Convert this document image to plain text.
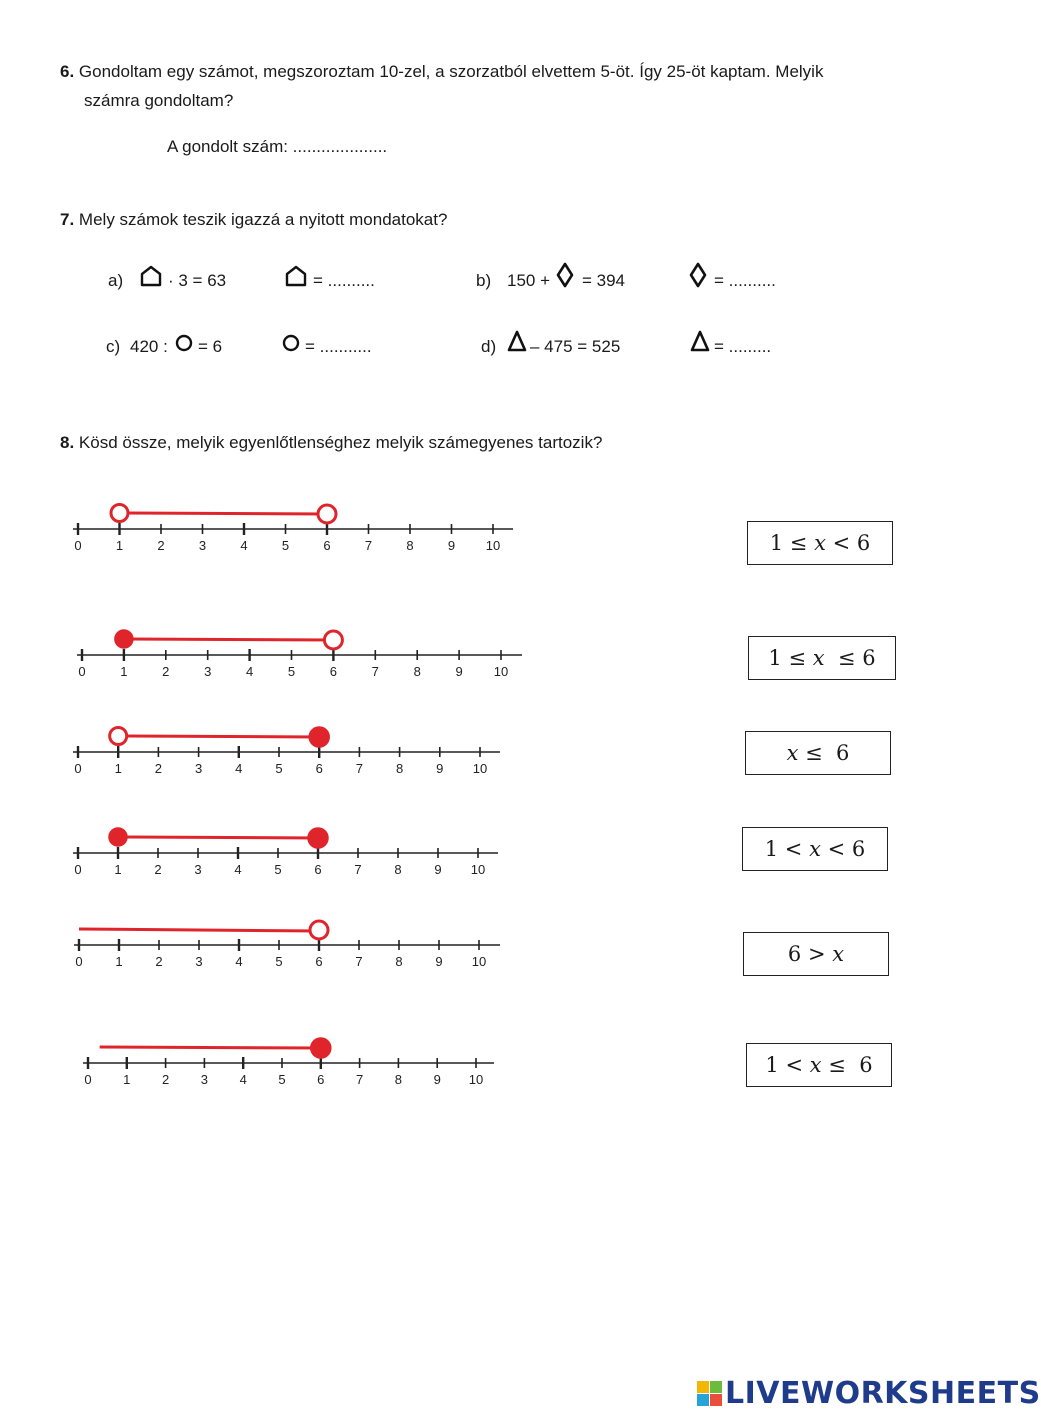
6. Gondoltam egy számot, megszoroztam 10-zel, a szorzatból elvettem 5-öt. Így 25-öt kaptam. Melyik
számra gondoltam?
A gondolt szám: ....................
7. Mely számok teszik igazzá a nyitott mondatokat?
a)	· 3 = 63	= ..........	b) 150 + = 394	= ..........
c) 420 : = 6	= ...........	d) – 475 = 525	= .........
8. Kösd össze, melyik egyenlőtlenséghez melyik számegyenes tartozik?
0	1	2	3	4	5	6	7	8	9 10
0	1	2	3	4	5	6	7	8	9 10
0	1	2	3	4	5	6	7	8	9 10
0	1	2	3	4	5	6	7	8	9 10
0	1	2	3	4	5	6	7	8	9 10
0 1 2 3 4 5 6 7 8 9 10
1 ≤ 𝑥 < 6
1 ≤ 𝑥  ≤ 6
𝑥 ≤  6
1 < 𝑥 < 6
6 > 𝑥
1 < 𝑥 ≤  6
LIVEWORKSHEETS
